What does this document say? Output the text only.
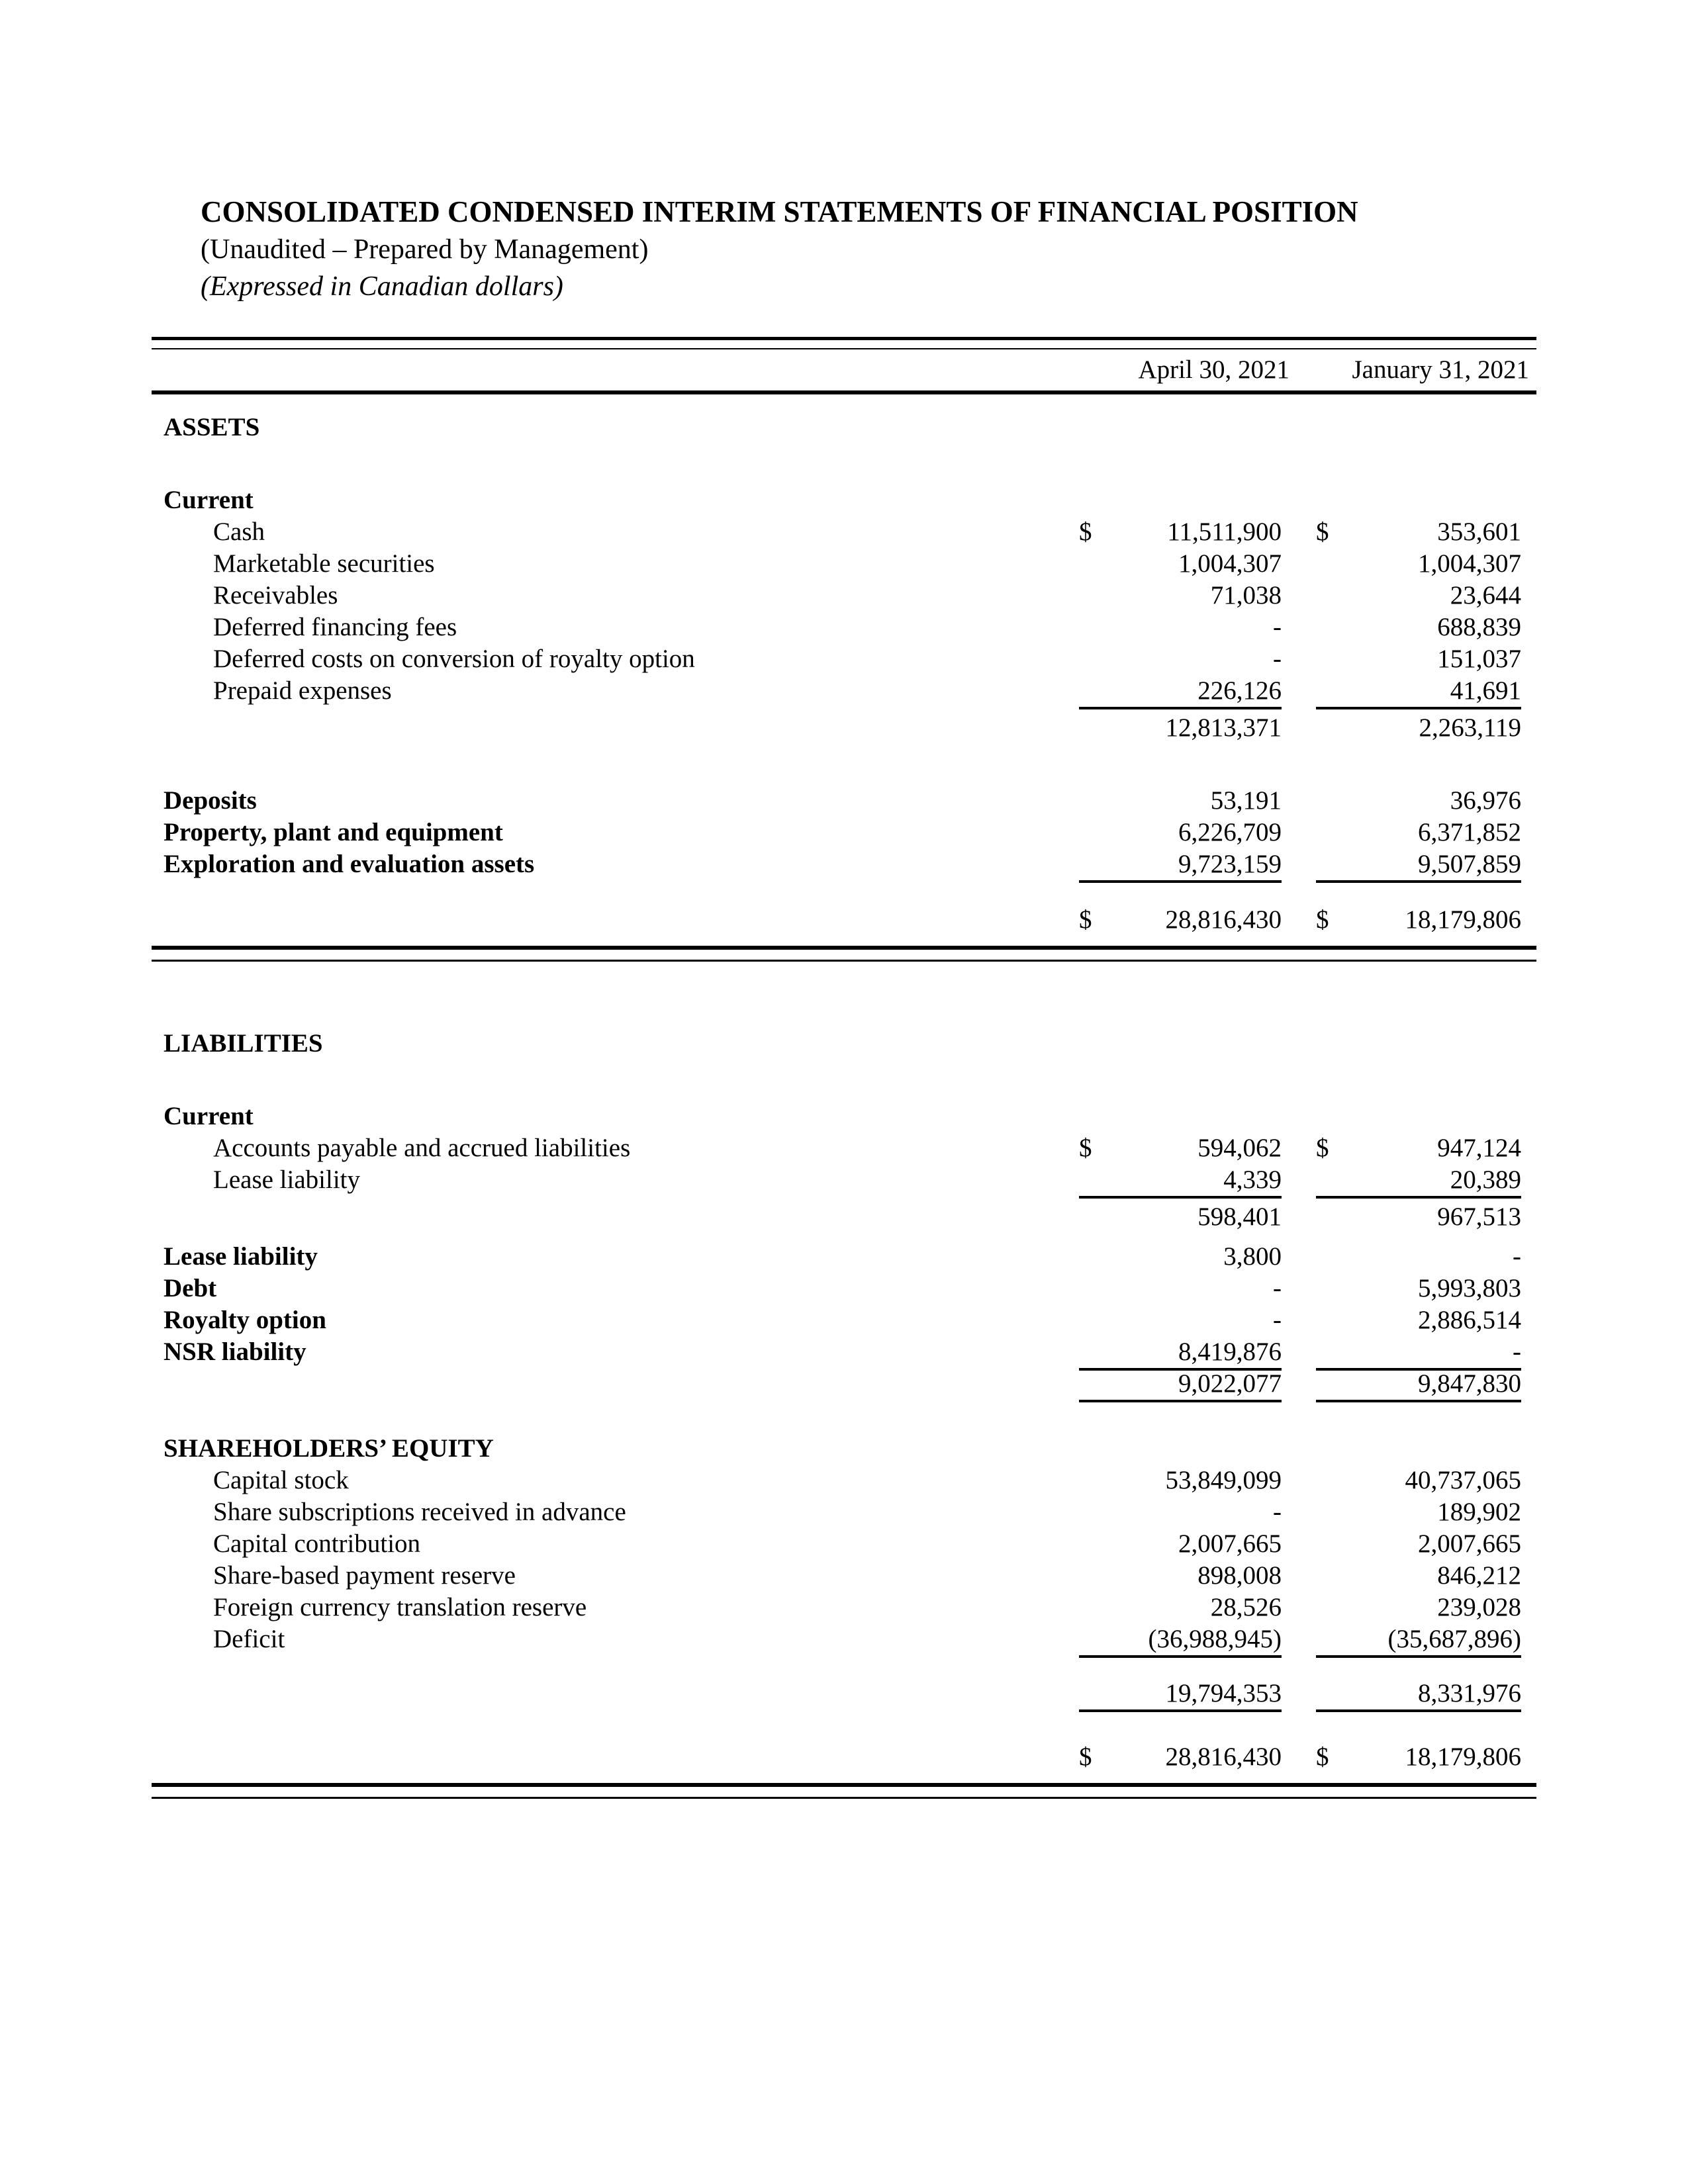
CONSOLIDATED CONDENSED INTERIM STATEMENTS OF FINANCIAL POSITION
(Unaudited – Prepared by Management)
(Expressed in Canadian dollars)
April 30, 2021	January 31, 2021
ASSETS
Current
Cash	$	11,511,900 $	353,601
Marketable securities	1,004,307	1,004,307
Receivables	71,038	23,644
Deferred financing fees	-	688,839
Deferred costs on conversion of royalty option	-	151,037
Prepaid expenses	226,126	41,691
12,813,371	2,263,119
Deposits	53,191	36,976
Property, plant and equipment	6,226,709	6,371,852
Exploration and evaluation assets	9,723,159	9,507,859
$	28,816,430 $	18,179,806
LIABILITIES
Current
Accounts payable and accrued liabilities	$	594,062 $	947,124
Lease liability	4,339	20,389
598,401	967,513
Lease liability	3,800	-
Debt	-	5,993,803
Royalty option	-	2,886,514
NSR liability	8,419,876	-
9,022,077	9,847,830
SHAREHOLDERS’ EQUITY
Capital stock	53,849,099	40,737,065
Share subscriptions received in advance	-	189,902
Capital contribution	2,007,665	2,007,665
Share-based payment reserve	898,008	846,212
Foreign currency translation reserve	28,526	239,028
Deficit	(36,988,945)	(35,687,896)
19,794,353	8,331,976
$	28,816,430 $	18,179,806
